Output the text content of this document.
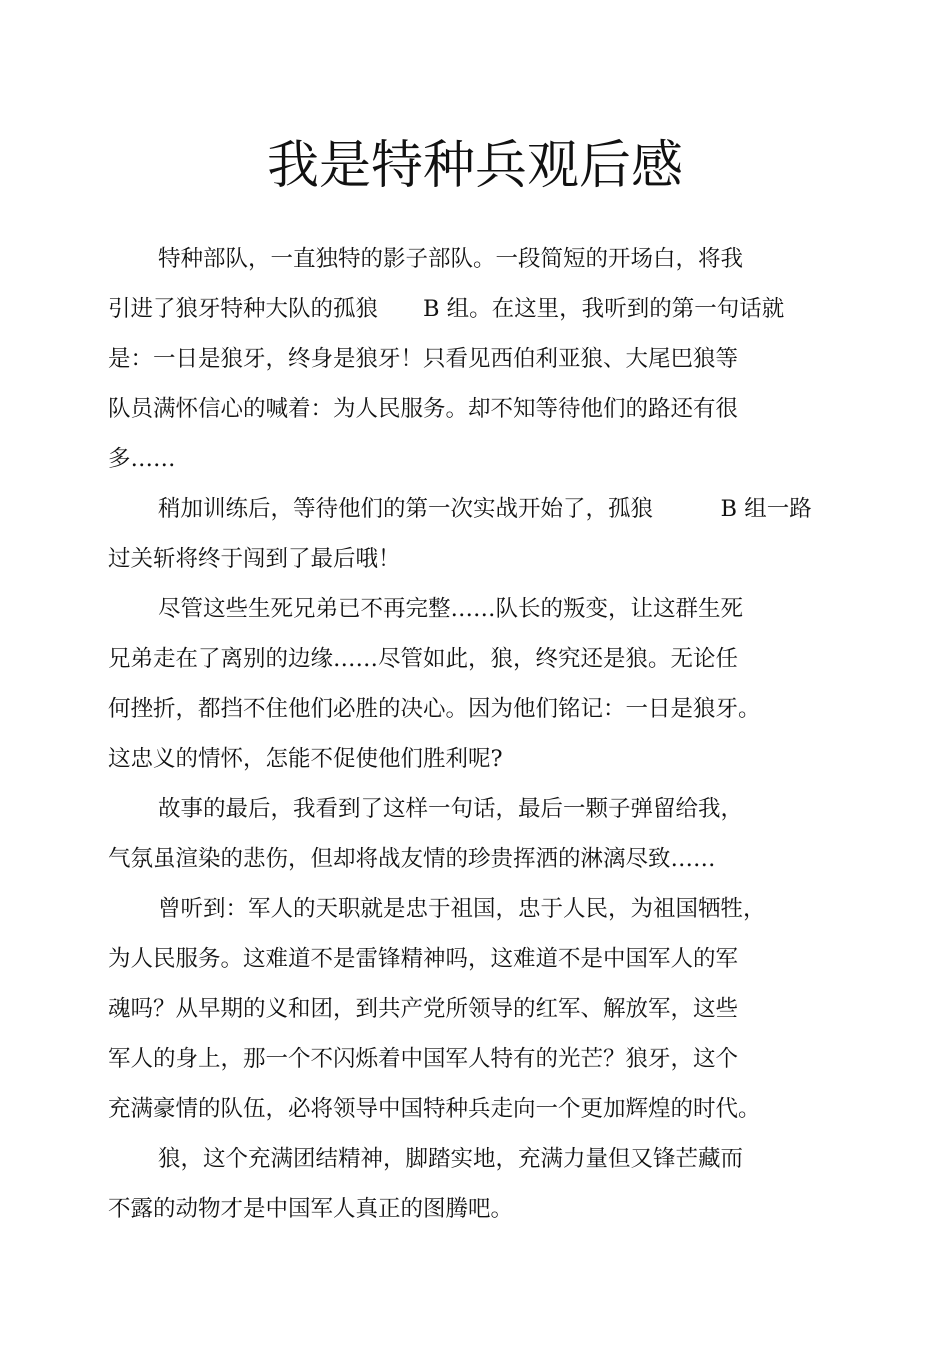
我是特种兵观后感
特种部队，一直独特的影子部队。一段简短的开场白，将我
引进了狼牙特种大队的孤狼　　B 组。在这里，我听到的第一句话就
是：一日是狼牙，终身是狼牙！只看见西伯利亚狼、大尾巴狼等
队员满怀信心的喊着：为人民服务。却不知等待他们的路还有很
多……
稍加训练后，等待他们的第一次实战开始了，孤狼　　　B 组一路
过关斩将终于闯到了最后哦！
尽管这些生死兄弟已不再完整……队长的叛变，让这群生死
兄弟走在了离别的边缘……尽管如此，狼，终究还是狼。无论任
何挫折，都挡不住他们必胜的决心。因为他们铭记：一日是狼牙。
这忠义的情怀，怎能不促使他们胜利呢?
故事的最后，我看到了这样一句话，最后一颗子弹留给我，
气氛虽渲染的悲伤，但却将战友情的珍贵挥洒的淋漓尽致……
曾听到：军人的天职就是忠于祖国，忠于人民，为祖国牺牲，
为人民服务。这难道不是雷锋精神吗，这难道不是中国军人的军
魂吗？从早期的义和团，到共产党所领导的红军、解放军，这些
军人的身上，那一个不闪烁着中国军人特有的光芒？狼牙，这个
充满豪情的队伍，必将领导中国特种兵走向一个更加辉煌的时代。
狼，这个充满团结精神，脚踏实地，充满力量但又锋芒藏而
不露的动物才是中国军人真正的图腾吧。
